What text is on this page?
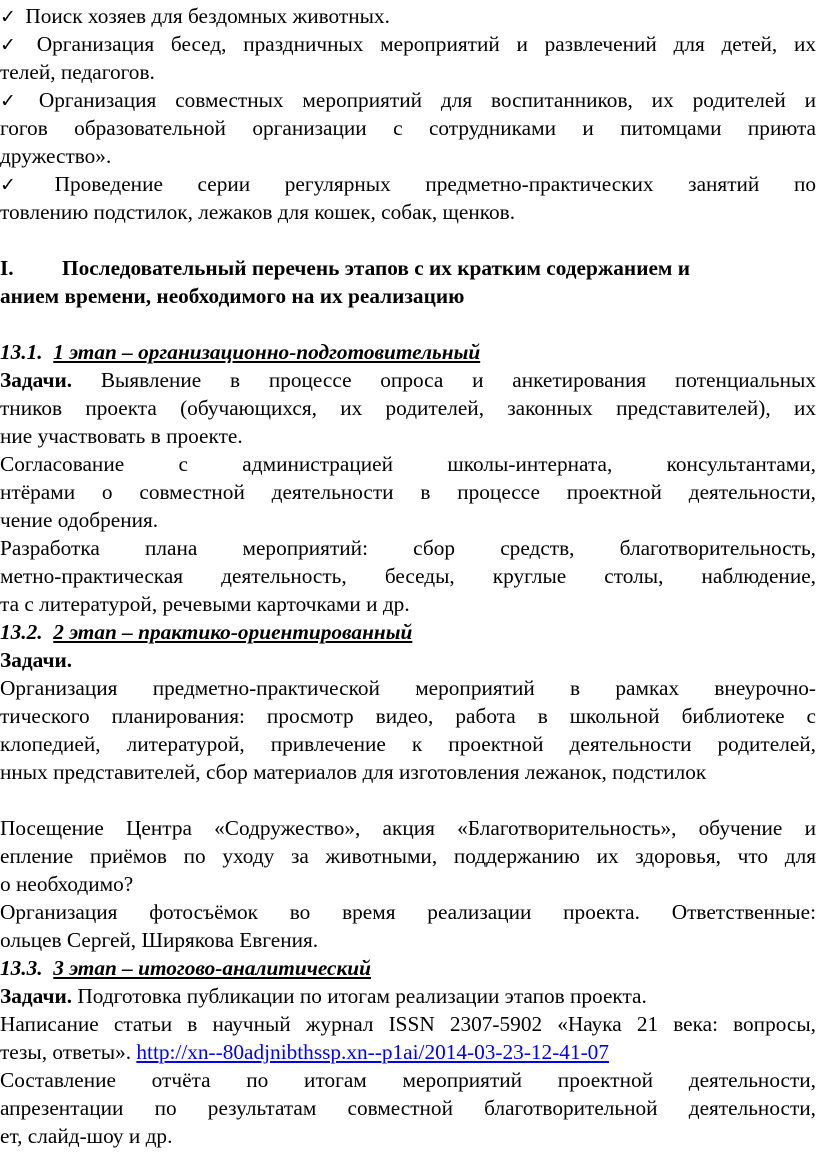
✓ Поиск хозяев для бездомных животных.
✓ Организация бесед, праздничных мероприятий и развлечений для детей, их
телей, педагогов.
✓ Организация совместных мероприятий для воспитанников, их родителей и
гогов образовательной организации с сотрудниками и питомцами приюта
дружество».
✓ Проведение серии регулярных предметно-практических занятий по
товлению подстилок, лежаков для кошек, собак, щенков.
I. Последовательный перечень этапов с их кратким содержанием и
анием времени, необходимого на их реализацию
13.1. 1 этап – организационно-подготовительный
Задачи. Выявление в процессе опроса и анкетирования потенциальных
тников проекта (обучающихся, их родителей, законных представителей), их
ние участвовать в проекте.
Согласование с администрацией школы-интерната, консультантами,
нтёрами о совместной деятельности в процессе проектной деятельности,
чение одобрения.
Разработка плана мероприятий: сбор средств, благотворительность,
метно-практическая деятельность, беседы, круглые столы, наблюдение,
та с литературой, речевыми карточками и др.
13.2. 2 этап – практико-ориентированный
Задачи.
Организация предметно-практической мероприятий в рамках внеурочно-
тического планирования: просмотр видео, работа в школьной библиотеке с
клопедией, литературой, привлечение к проектной деятельности родителей,
нных представителей, сбор материалов для изготовления лежанок, подстилок
Посещение Центра «Содружество», акция «Благотворительность», обучение и
епление приёмов по уходу за животными, поддержанию их здоровья, что для
о необходимо?
Организация фотосъёмок во время реализации проекта. Ответственные:
ольцев Сергей, Ширякова Евгения.
13.3. 3 этап – итогово-аналитический
Задачи. Подготовка публикации по итогам реализации этапов проекта.
Написание статьи в научный журнал ISSN 2307-5902 «Наука 21 века: вопросы,
тезы, ответы». http://xn--80adjnibthssp.xn--p1ai/2014-03-23-12-41-07
Составление отчёта по итогам мероприятий проектной деятельности,
апрезентации по результатам совместной благотворительной деятельности,
ет, слайд-шоу и др.
